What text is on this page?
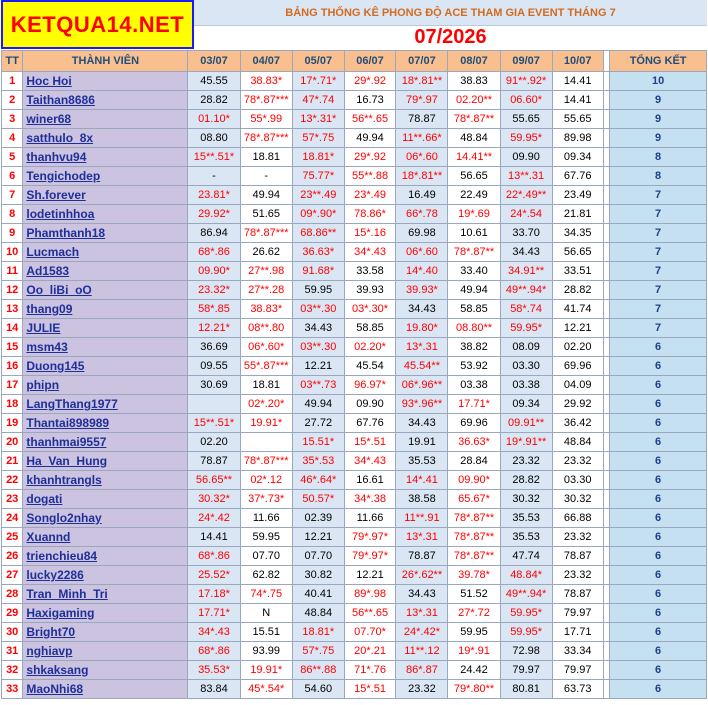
KETQUA14.NET	BẢNG THỐNG KÊ PHONG ĐỘ ACE THAM GIA EVENT THÁNG 7
07/2026
TT	THÀNH VIÊN	03/07	04/07	05/07	06/07	07/07	08/07	09/07	10/07		TỔNG KẾT
1	Hoc Hoi	45.55	38.83*	17*.71*	29*.92	18*.81**	38.83	91**.92*	14.41		10
2	Taithan8686	28.82	78*.87***	47*.74	16.73	79*.97	02.20**	06.60*	14.41		9
3	winer68	01.10*	55*.99	13*.31*	56**.65	78.87	78*.87**	55.65	55.65		9
4	satthulo_8x	08.80	78*.87***	57*.75	49.94	11**.66*	48.84	59.95*	89.98		9
5	thanhvu94	15**.51*	18.81	18.81*	29*.92	06*.60	14.41**	09.90	09.34		8
6	Tengichodep	-	-	75.77*	55**.88	18*.81**	56.65	13**.31	67.76		8
7	Sh.forever	23.81*	49.94	23**.49	23*.49	16.49	22.49	22*.49**	23.49		7
8	lodetinhhoa	29.92*	51.65	09*.90*	78.86*	66*.78	19*.69	24*.54	21.81		7
9	Phamthanh18	86.94	78*.87***	68.86**	15*.16	69.98	10.61	33.70	34.35		7
10	Lucmach	68*.86	26.62	36.63*	34*.43	06*.60	78*.87**	34.43	56.65		7
11	Ad1583	09.90*	27**.98	91.68*	33.58	14*.40	33.40	34.91**	33.51		7
12	Oo_liBi_oO	23.32*	27**.28	59.95	39.93	39.93*	49.94	49**.94*	28.82		7
13	thang09	58*.85	38.83*	03**.30	03*.30*	34.43	58.85	58*.74	41.74		7
14	JULIE	12.21*	08**.80	34.43	58.85	19.80*	08.80**	59.95*	12.21		7
15	msm43	36.69	06*.60*	03**.30	02.20*	13*.31	38.82	08.09	02.20		6
16	Duong145	09.55	55*.87***	12.21	45.54	45.54**	53.92	03.30	69.96		6
17	phipn	30.69	18.81	03**.73	96.97*	06*.96**	03.38	03.38	04.09		6
18	LangThang1977		02*.20*	49.94	09.90	93*.96**	17.71*	09.34	29.92		6
19	Thantai898989	15**.51*	19.91*	27.72	67.76	34.43	69.96	09.91**	36.42		6
20	thanhmai9557	02.20		15.51*	15*.51	19.91	36.63*	19*.91**	48.84		6
21	Ha_Van_Hung	78.87	78*.87***	35*.53	34*.43	35.53	28.84	23.32	23.32		6
22	khanhtrangls	56.65**	02*.12	46*.64*	16.61	14*.41	09.90*	28.82	03.30		6
23	dogati	30.32*	37*.73*	50.57*	34*.38	38.58	65.67*	30.32	30.32		6
24	Songlo2nhay	24*.42	11.66	02.39	11.66	11**.91	78*.87**	35.53	66.88		6
25	Xuannd	14.41	59.95	12.21	79*.97*	13*.31	78*.87**	35.53	23.32		6
26	trienchieu84	68*.86	07.70	07.70	79*.97*	78.87	78*.87**	47.74	78.87		6
27	lucky2286	25.52*	62.82	30.82	12.21	26*.62**	39.78*	48.84*	23.32		6
28	Tran_Minh_Tri	17.18*	74*.75	40.41	89*.98	34.43	51.52	49**.94*	78.87		6
29	Haxigaming	17.71*	N	48.84	56**.65	13*.31	27*.72	59.95*	79.97		6
30	Bright70	34*.43	15.51	18.81*	07.70*	24*.42*	59.95	59.95*	17.71		6
31	nghiavp	68*.86	93.99	57*.75	20*.21	11**.12	19*.91	72.98	33.34		6
32	shkaksang	35.53*	19.91*	86**.88	71*.76	86*.87	24.42	79.97	79.97		6
33	MaoNhi68	83.84	45*.54*	54.60	15*.51	23.32	79*.80**	80.81	63.73		6
